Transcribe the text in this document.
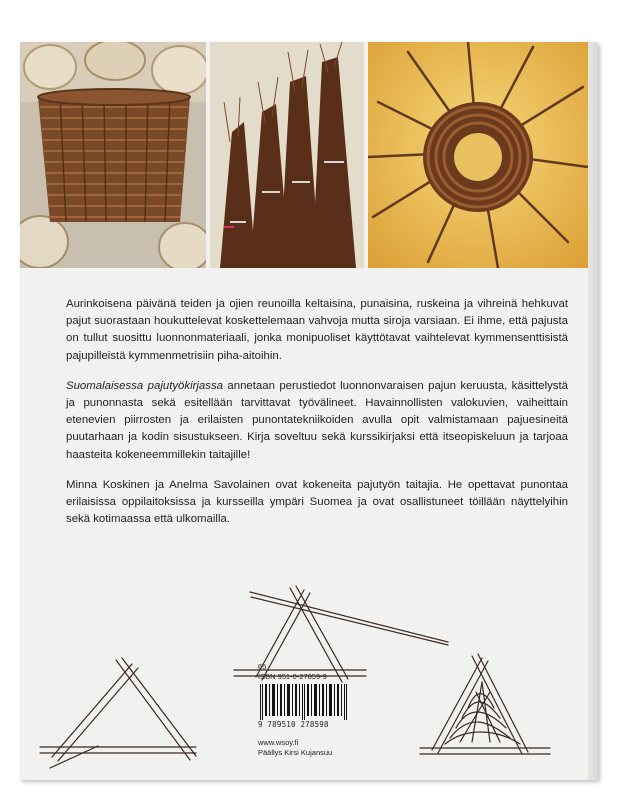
Aurinkoisena päivänä teiden ja ojien reunoilla keltaisina, punaisina, ruskeina ja vihreinä hehkuvat pajut suorastaan houkuttelevat koskettelemaan vahvoja mutta siroja varsiaan. Ei ihme, että pajusta on tullut suosittu luonnonmateriaali, jonka monipuoliset käyttötavat vaihtelevat kymmensenttisistä pajupilleistä kymmenmetrisiin piha-aitoihin.

Suomalaisessa pajutyökirjassa annetaan perustiedot luonnonvaraisen pajun keruusta, käsittelystä ja punonnasta sekä esitellään tarvittavat työvälineet. Havainnollisten valokuvien, vaiheittain etenevien piirrosten ja erilaisten punontatekniikoiden avulla opit valmistamaan pajuesineitä puutarhaan ja kodin sisustukseen. Kirja soveltuu sekä kurssikirjaksi että itseopiskeluun ja tarjoaa haasteita kokeneemmillekin taitajille!

Minna Koskinen ja Anelma Savolainen ovat kokeneita pajutyön taitajia. He opettavat punontaa erilaisissa oppilaitoksissa ja kursseilla ympäri Suomea ja ovat osallistuneet töillään näyttelyihin sekä kotimaassa että ulkomailla.

65
ISBN 951-0-27859-9
9 789510 278598
www.wsoy.fi
Päällys Kirsi Kujansuu
